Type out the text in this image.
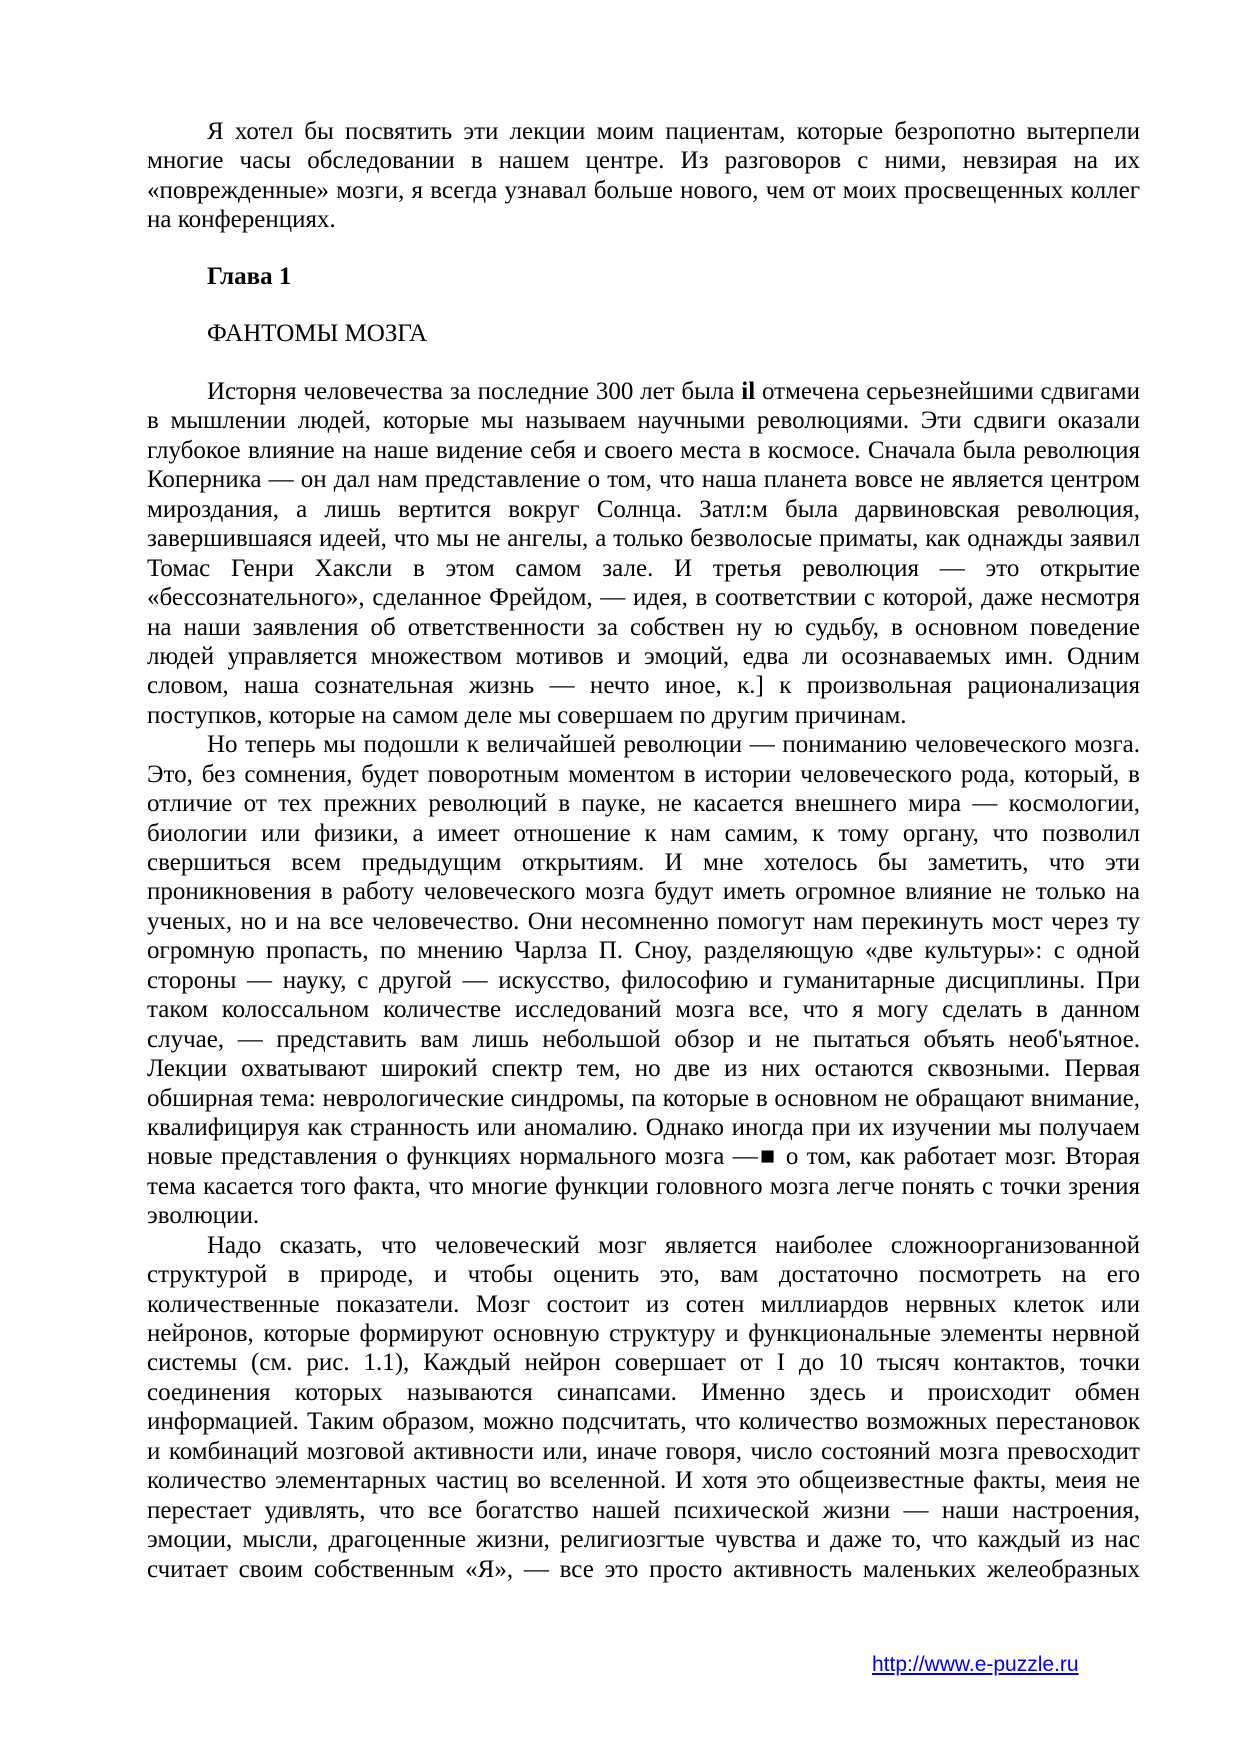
Я хотел бы посвятить эти лекции моим пациентам, которые безропотно вытерпели
многие часы обследовании в нашем центре. Из разговоров с ними, невзирая на их
«поврежденные» мозги, я всегда узнавал больше нового, чем от моих просвещенных коллег
на конференциях.
Глава 1
ФАНТОМЫ МОЗГА
Исторня человечества за последние 300 лет была il отмечена серьезнейшими сдвигами
в мышлении людей, которые мы называем научными революциями. Эти сдвиги оказали
глубокое влияние на наше видение себя и своего места в космосе. Сначала была революция
Коперника — он дал нам представление о том, что наша планета вовсе не является центром
мироздания, а лишь вертится вокруг Солнца. Затл:м была дарвиновская революция,
завершившаяся идеей, что мы не ангелы, а только безволосые приматы, как однажды заявил
Томас Генри Хаксли в этом самом зале. И третья революция — это открытие
«бессознательного», сделанное Фрейдом, — идея, в соответствии с которой, даже несмотря
на наши заявления об ответственности за собствен ну ю судьбу, в основном поведение
людей управляется множеством мотивов и эмоций, едва ли осознаваемых имн. Одним
словом, наша сознательная жизнь — нечто иное, к.] к произвольная рационализация
поступков, которые на самом деле мы совершаем по другим причинам.
Но теперь мы подошли к величайшей революции — пониманию человеческого мозга.
Это, без сомнения, будет поворотным моментом в истории человеческого рода, который, в
отличие от тех прежних революций в пауке, не касается внешнего мира — космологии,
биологии или физики, а имеет отношение к нам самим, к тому органу, что позволил
свершиться всем предыдущим открытиям. И мне хотелось бы заметить, что эти
проникновения в работу человеческого мозга будут иметь огромное влияние не только на
ученых, но и на все человечество. Они несомненно помогут нам перекинуть мост через ту
огромную пропасть, по мнению Чарлза П. Сноу, разделяющую «две культуры»: с одной
стороны — науку, с другой — искусство, философию и гуманитарные дисциплины. При
таком колоссальном количестве исследований мозга все, что я могу сделать в данном
случае, — представить вам лишь небольшой обзор и не пытаться объять необ'ьятное.
Лекции охватывают широкий спектр тем, но две из них остаются сквозными. Первая
обширная тема: неврологические синдромы, па которые в основном не обращают внимание,
квалифицируя как странность или аномалию. Однако иногда при их изучении мы получаем
новые представления о функциях нормального мозга —■ о том, как работает мозг. Вторая
тема касается того факта, что многие функции головного мозга легче понять с точки зрения
эволюции.
Надо сказать, что человеческий мозг является наиболее сложноорганизованной
структурой в природе, и чтобы оценить это, вам достаточно посмотреть на его
количественные показатели. Мозг состоит из сотен миллиардов нервных клеток или
нейронов, которые формируют основную структуру и функциональные элементы нервной
системы (см. рис. 1.1), Каждый нейрон совершает от I до 10 тысяч контактов, точки
соединения которых называются синапсами. Именно здесь и происходит обмен
информацией. Таким образом, можно подсчитать, что количество возможных перестановок
и комбинаций мозговой активности или, иначе говоря, число состояний мозга превосходит
количество элементарных частиц во вселенной. И хотя это общеизвестные факты, меия не
перестает удивлять, что все богатство нашей психической жизни — наши настроения,
эмоции, мысли, драгоценные жизни, религиозгтые чувства и даже то, что каждый из нас
считает своим собственным «Я», — все это просто активность маленьких желеобразных
http://www.e-puzzle.ru
